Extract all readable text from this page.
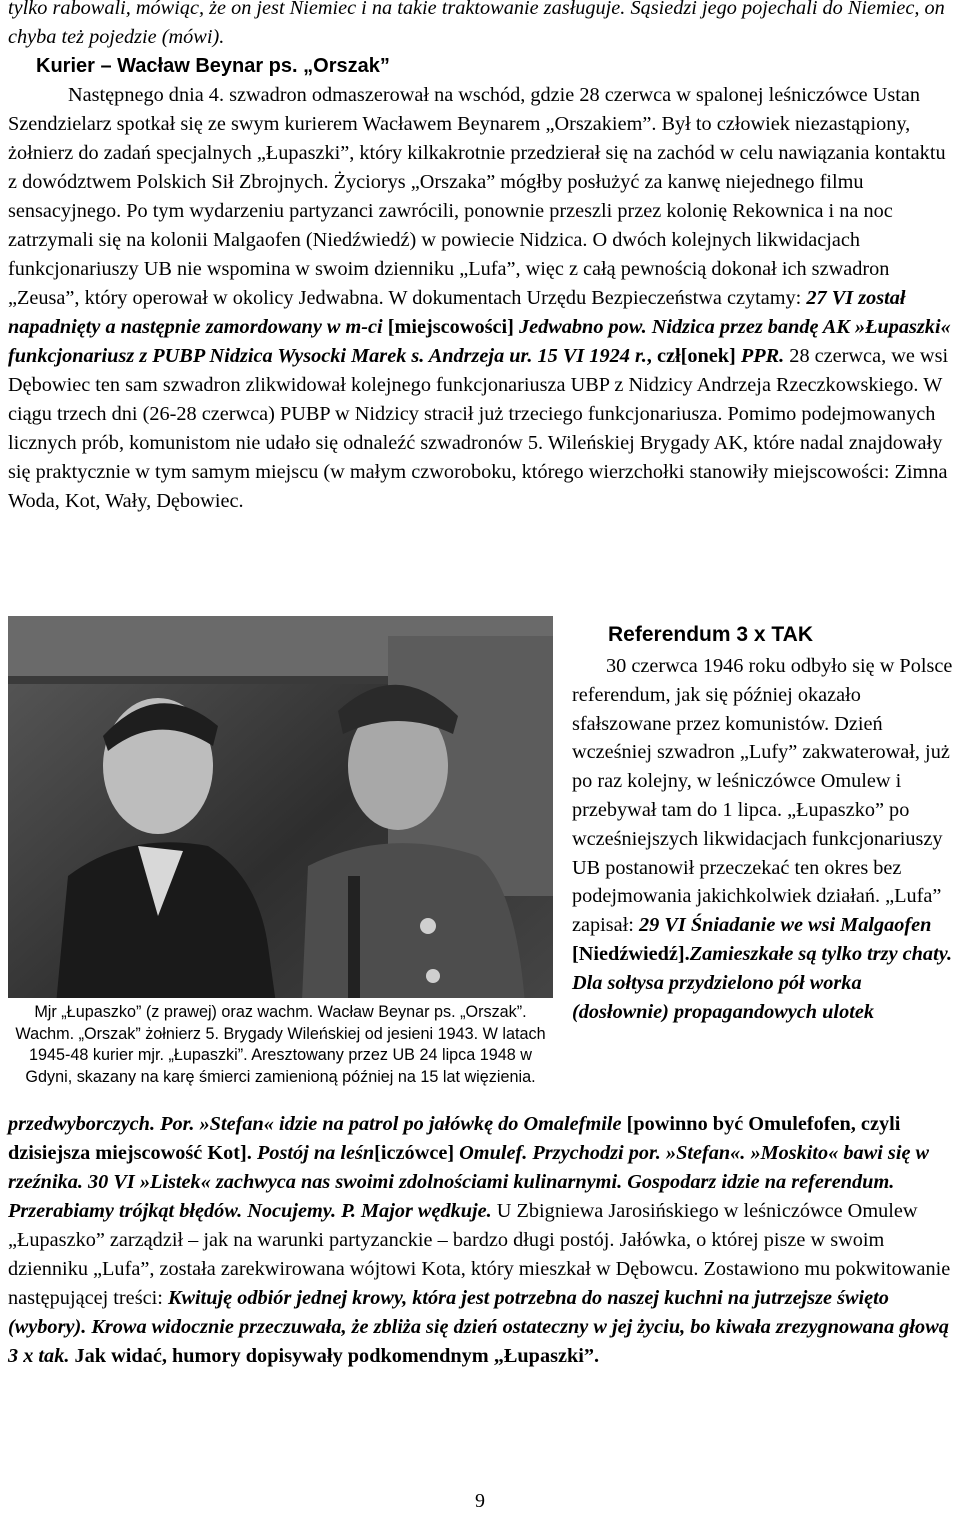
tylko rabowali, mówiąc, że on jest Niemiec i na takie traktowanie zasługuje. Sąsiedzi jego pojechali do Niemiec, on chyba też pojedzie (mówi).

Kurier – Wacław Beynar ps. „Orszak”

Następnego dnia 4. szwadron odmaszerował na wschód, gdzie 28 czerwca w spalonej leśniczówce Ustan Szendzielarz spotkał się ze swym kurierem Wacławem Beynarem „Orszakiem”. Był to człowiek niezastąpiony, żołnierz do zadań specjalnych „Łupaszki”, który kilkakrotnie przedzierał się na zachód w celu nawiązania kontaktu z dowództwem Polskich Sił Zbrojnych. Życiorys „Orszaka” mógłby posłużyć za kanwę niejednego filmu sensacyjnego. Po tym wydarzeniu partyzanci zawrócili, ponownie przeszli przez kolonię Rekownica i na noc zatrzymali się na kolonii Malgaofen (Niedźwiedź) w powiecie Nidzica. O dwóch kolejnych likwidacjach funkcjonariuszy UB nie wspomina w swoim dzienniku „Lufa”, więc z całą pewnością dokonał ich szwadron „Zeusa”, który operował w okolicy Jedwabna. W dokumentach Urzędu Bezpieczeństwa czytamy: 27 VI został napadnięty a następnie zamordowany w m-ci [miejscowości] Jedwabno pow. Nidzica przez bandę AK »Łupaszki« funkcjonariusz z PUBP Nidzica Wysocki Marek s. Andrzeja ur. 15 VI 1924 r., czł[onek] PPR. 28 czerwca, we wsi Dębowiec ten sam szwadron zlikwidował kolejnego funkcjonariusza UBP z Nidzicy Andrzeja Rzeczkowskiego. W ciągu trzech dni (26-28 czerwca) PUBP w Nidzicy stracił już trzeciego funkcjonariusza. Pomimo podejmowanych licznych prób, komunistom nie udało się odnaleźć szwadronów 5. Wileńskiej Brygady AK, które nadal znajdowały się praktycznie w tym samym miejscu (w małym czworoboku, którego wierzchołki stanowiły miejscowości: Zimna Woda, Kot, Wały, Dębowiec.

Mjr „Łupaszko” (z prawej) oraz wachm. Wacław Beynar ps. „Orszak”. Wachm. „Orszak” żołnierz 5. Brygady Wileńskiej od jesieni 1943. W latach 1945-48 kurier mjr. „Łupaszki”. Aresztowany przez UB 24 lipca 1948 w Gdyni, skazany na karę śmierci zamienioną później na 15 lat więzienia.
Referendum 3 x TAK

30 czerwca 1946 roku odbyło się w Polsce referendum, jak się później okazało sfałszowane przez komunistów. Dzień wcześniej szwadron „Lufy” zakwaterował, już po raz kolejny, w leśniczówce Omulew i przebywał tam do 1 lipca. „Łupaszko” po wcześniejszych likwidacjach funkcjonariuszy UB postanowił przeczekać ten okres bez podejmowania jakichkolwiek działań. „Lufa” zapisał: 29 VI Śniadanie we wsi Malgaofen [Niedźwiedź].Zamieszkałe są tylko trzy chaty. Dla sołtysa przydzielono pół worka (dosłownie) propagandowych ulotek

przedwyborczych. Por. »Stefan« idzie na patrol po jałówkę do Omalefmile [powinno być Omulefofen, czyli dzisiejsza miejscowość Kot]. Postój na leśn[iczówce] Omulef. Przychodzi por. »Stefan«. »Moskito« bawi się w rzeźnika. 30 VI »Listek« zachwyca nas swoimi zdolnościami kulinarnymi. Gospodarz idzie na referendum. Przerabiamy trójkąt błędów. Nocujemy. P. Major wędkuje. U Zbigniewa Jarosińskiego w leśniczówce Omulew „Łupaszko” zarządził – jak na warunki partyzanckie – bardzo długi postój. Jałówka, o której pisze w swoim dzienniku „Lufa”, została zarekwirowana wójtowi Kota, który mieszkał w Dębowcu. Zostawiono mu pokwitowanie następującej treści: Kwituję odbiór jednej krowy, która jest potrzebna do naszej kuchni na jutrzejsze święto (wybory). Krowa widocznie przeczuwała, że zbliża się dzień ostateczny w jej życiu, bo kiwała zrezygnowana głową 3 x tak. Jak widać, humory dopisywały podkomendnym „Łupaszki”.

9
